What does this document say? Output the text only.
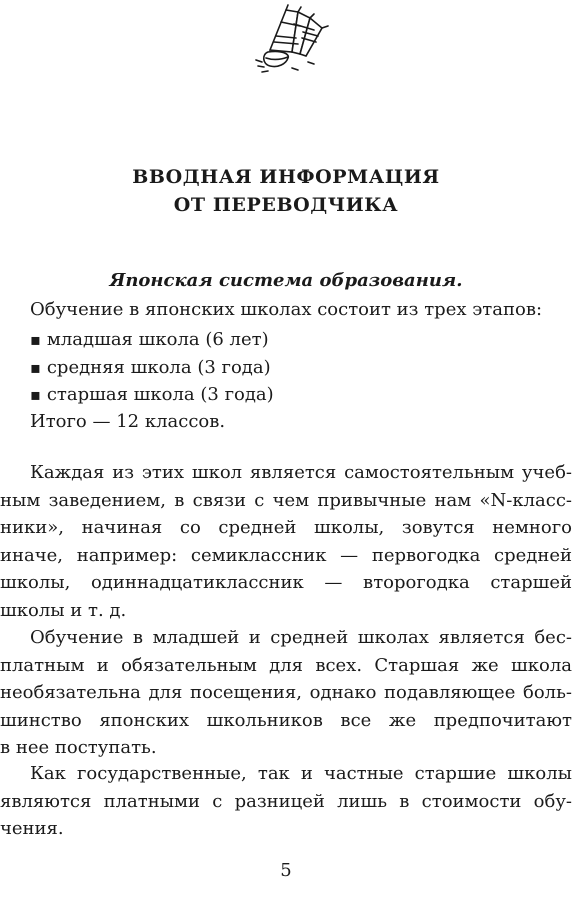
ВВОДНАЯ ИНФОРМАЦИЯ
ОТ ПЕРЕВОДЧИКА
Японская система образования.
Обучение в японских школах состоит из трех этапов:
▪ младшая школа (6 лет)
▪ средняя школа (3 года)
▪ старшая школа (3 года)
Итого — 12 классов.
Каждая из этих школ является самостоятельным учеб-
ным заведением, в связи с чем привычные нам «N-класс-
ники», начиная со средней школы, зовутся немного
иначе, например: семиклассник — первогодка средней
школы, одиннадцатиклассник — второгодка старшей
школы и т. д.
Обучение в младшей и средней школах является бес-
платным и обязательным для всех. Старшая же школа
необязательна для посещения, однако подавляющее боль-
шинство японских школьников все же предпочитают
в нее поступать.
Как государственные, так и частные старшие школы
являются платными с разницей лишь в стоимости обу-
чения.
5
